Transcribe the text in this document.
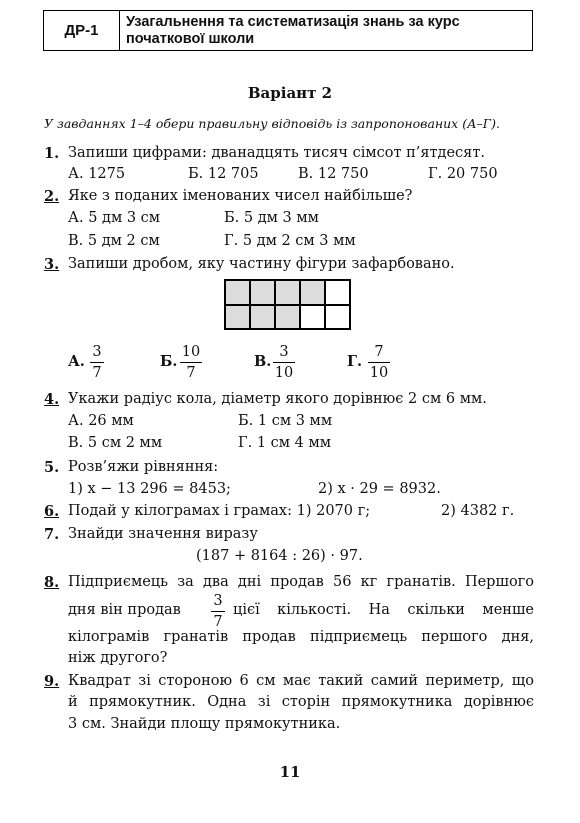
ДР-1	Узагальнення та систематизація знань за курс
початкової школи
Варіант 2
У завданнях 1–4 обери правильну відповідь із запропонованих (А–Г).
1. Запиши цифрами: дванадцять тисяч сімсот п’ятдесят.
А. 1275	Б. 12 705	В. 12 750	Г. 20 750
2. Яке з поданих іменованих чисел найбільше?
А. 5 дм 3 см	Б. 5 дм 3 мм
В. 5 дм 2 см	Г. 5 дм 2 см 3 мм
3. Запиши дробом, яку частину фігури зафарбовано.
А.
3
7
Б.
10
7
В.
3
10
Г.
7
10
4. Укажи радіус кола, діаметр якого дорівнює 2 см 6 мм.
А. 26 мм	Б. 1 см 3 мм
В. 5 см 2 мм	Г. 1 см 4 мм
5. Розв’яжи рівняння:
1) x − 13 296 = 8453;	2) x · 29 = 8932.
6. Подай у кілограмах і грамах: 1) 2070 г;	2) 4382 г.
7. Знайди значення виразу
(187 + 8164 : 26) · 97.
8. Підприємець за два дні продав 56 кг гранатів. Першого
дня він продав
3
7
цієї кількості. На скільки менше
кілограмів гранатів продав підприємець першого дня,
ніж другого?
9. Квадрат зі стороною 6 см має такий самий периметр, що
й прямокутник. Одна зі сторін прямокутника дорівнює
3 см. Знайди площу прямокутника.
11
